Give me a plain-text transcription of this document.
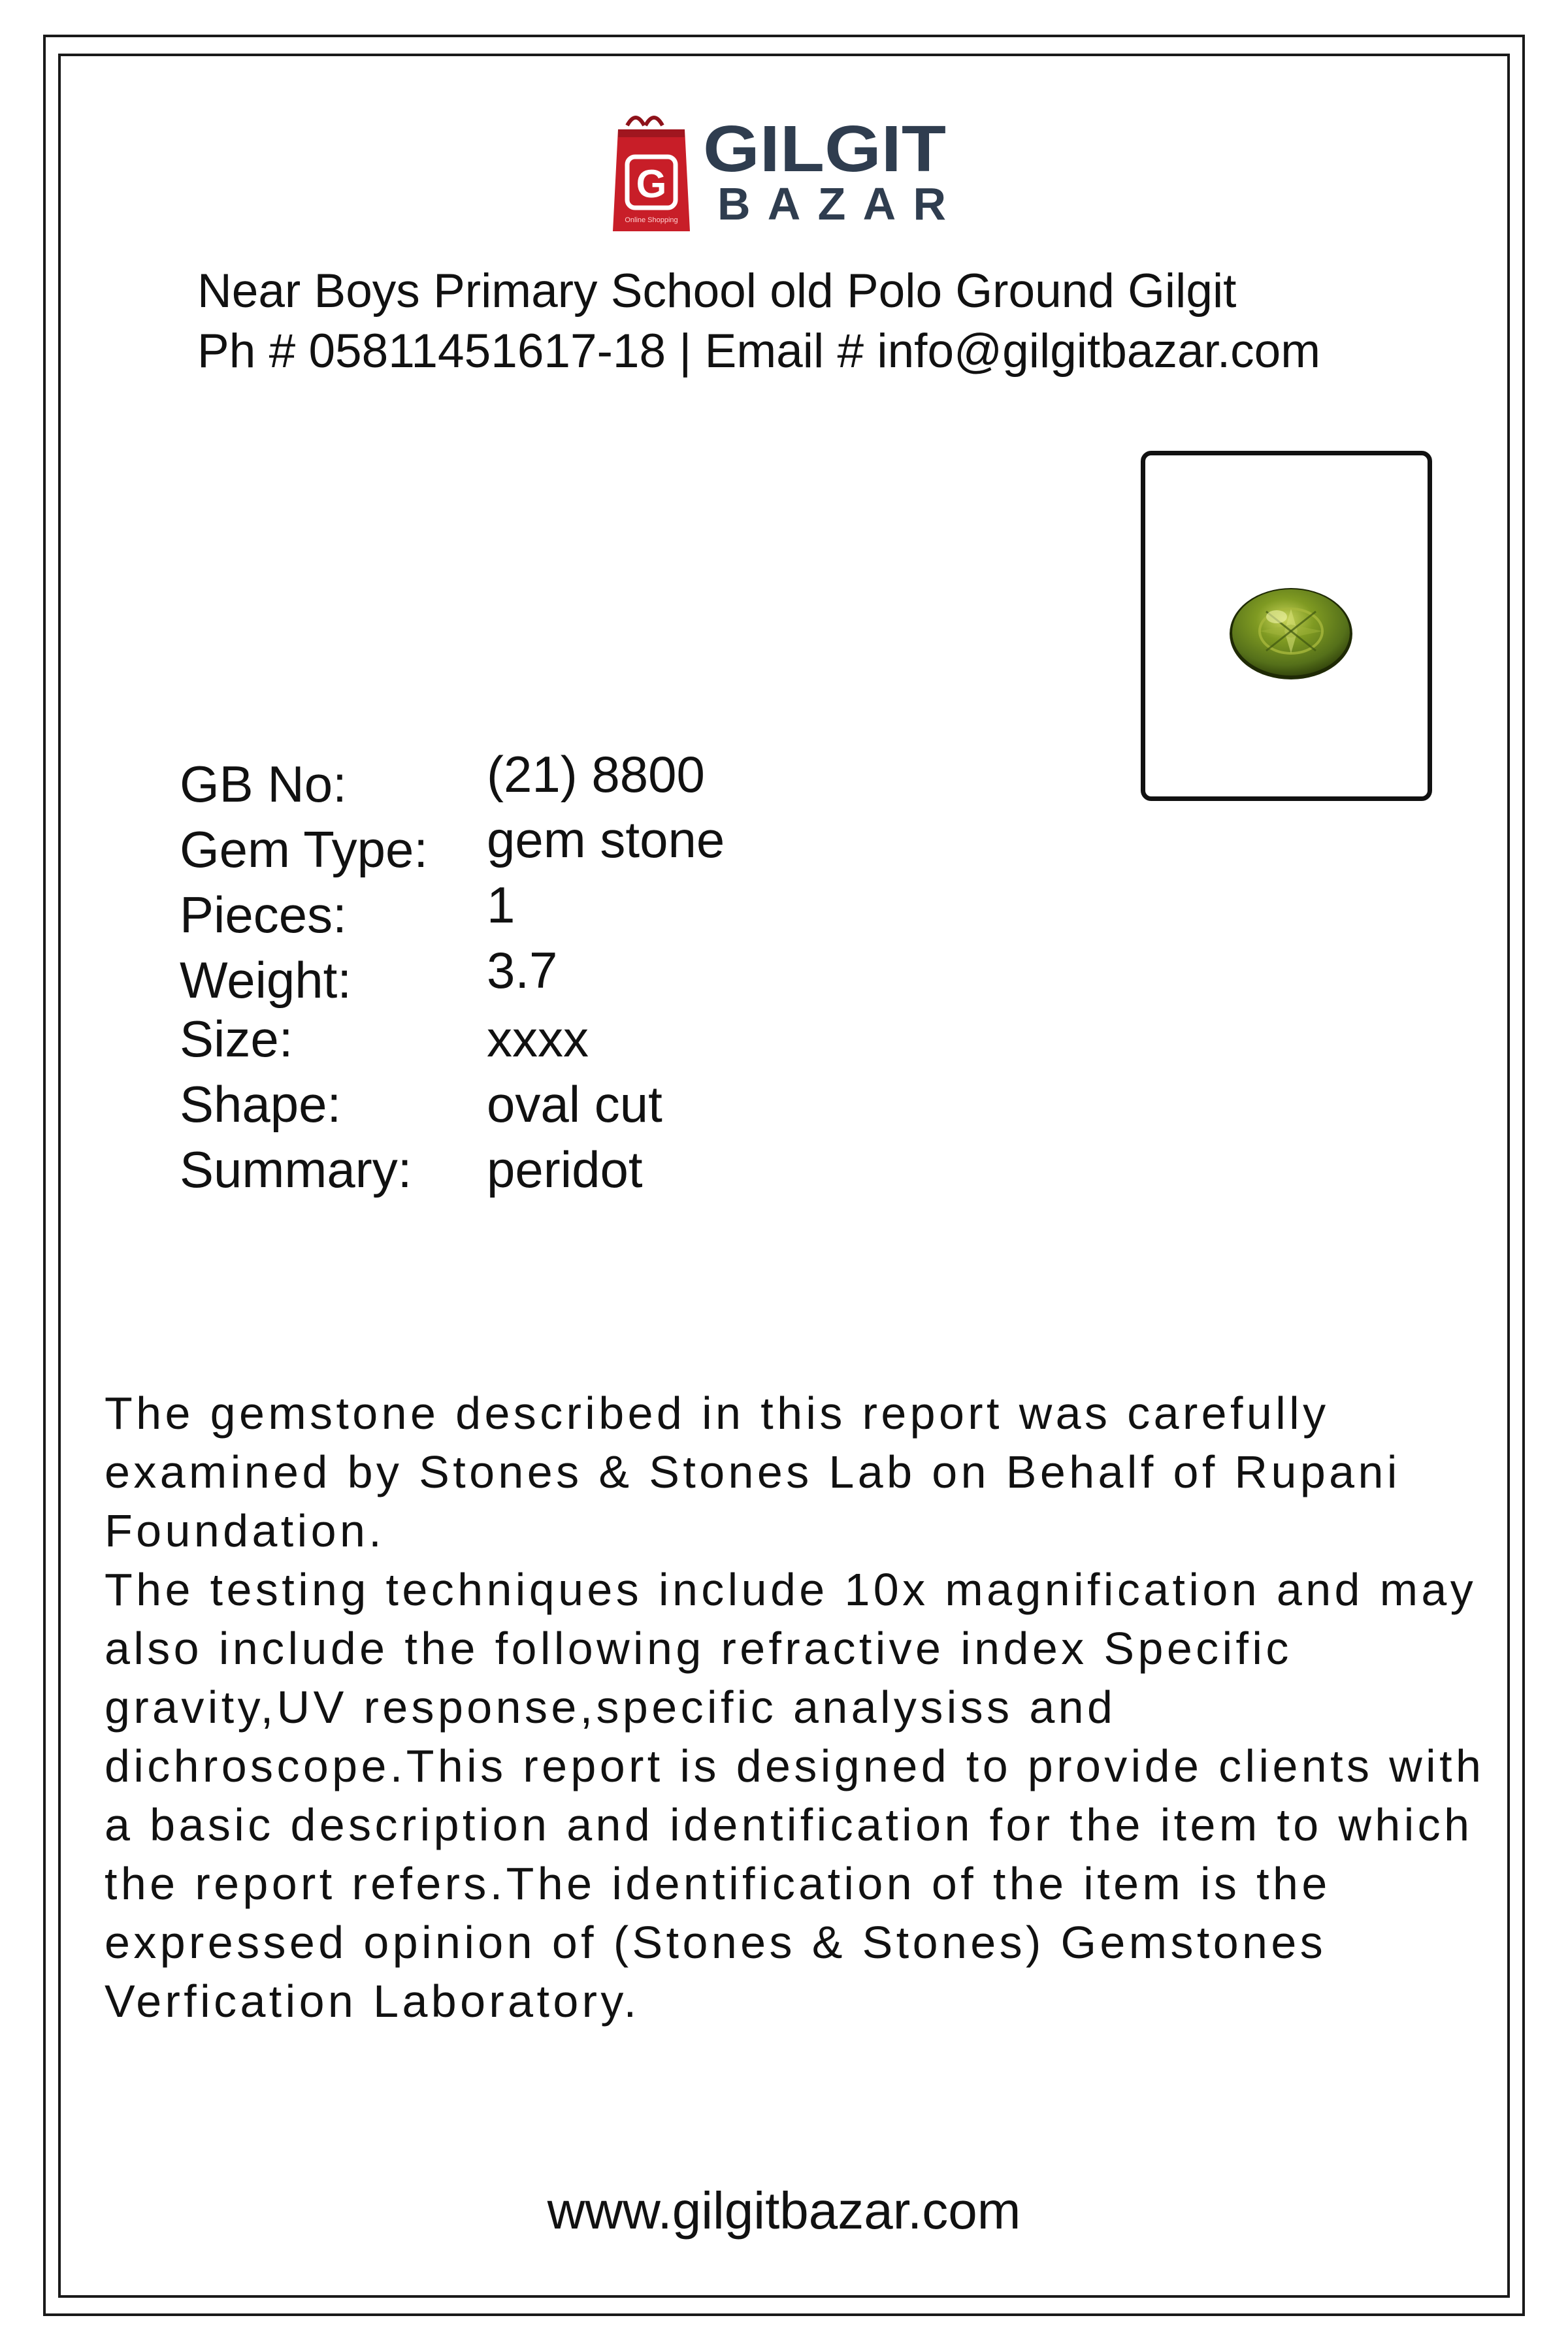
G
Online Shopping
GILGIT
BAZAR
Near Boys Primary School old Polo Ground Gilgit
Ph # 05811451617-18 | Email # info@gilgitbazar.com
GB No:	(21) 8800
Gem Type: gem stone
Pieces:	1
Weight:	3.7
Size:	xxxx
Shape:	oval cut
Summary: peridot

The gemstone described in this report was carefully examined by Stones & Stones Lab on Behalf of Rupani Foundation.

The testing techniques include 10x magnification and may also include the following refractive index Specific gravity,UV response,specific analysiss and dichroscope.This report is designed to provide clients with a basic description and identification for the item to which the report refers.The identification of the item is the expressed opinion of (Stones & Stones) Gemstones Verfication Laboratory.

www.gilgitbazar.com
